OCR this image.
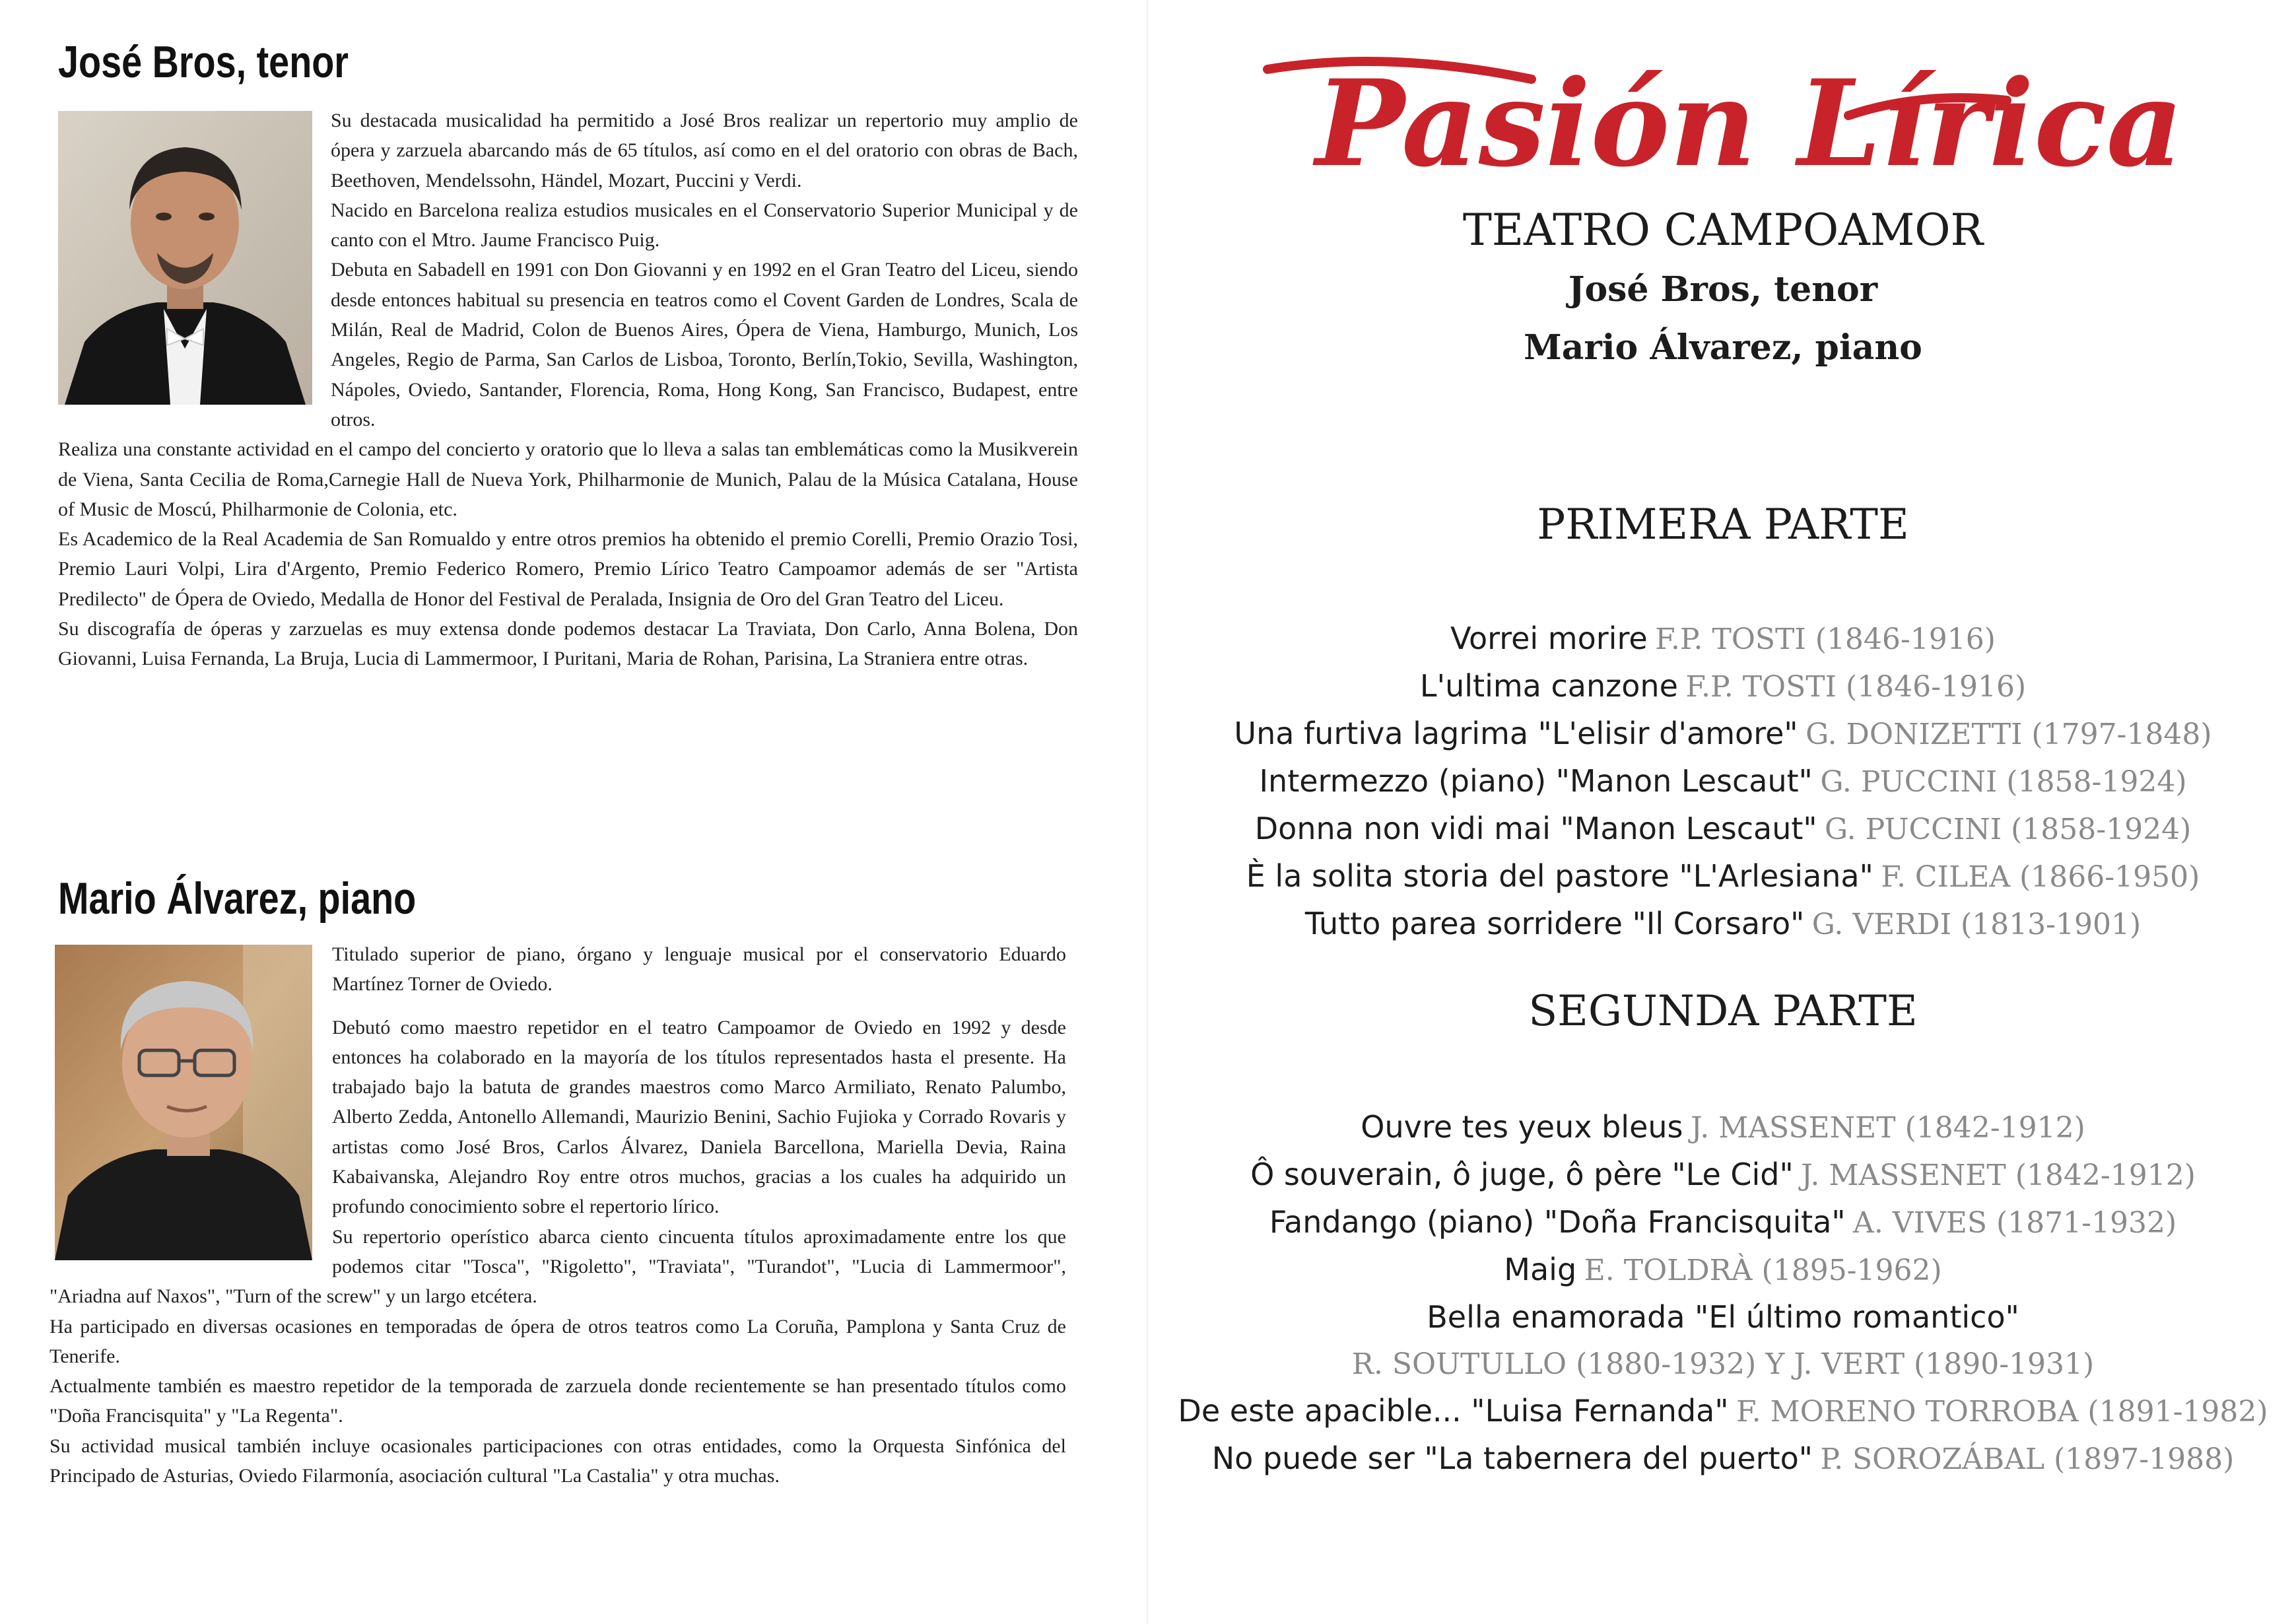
José Bros, tenor

Su destacada musicalidad ha permitido a José Bros realizar un repertorio muy amplio de ópera y zarzuela abarcando más de 65 títulos, así como en el del oratorio con obras de Bach, Beethoven, Mendelssohn, Händel, Mozart, Puccini y Verdi.

Nacido en Barcelona realiza estudios musicales en el Conservatorio Superior Municipal y de canto con el Mtro. Jaume Francisco Puig.

Debuta en Sabadell en 1991 con Don Giovanni y en 1992 en el Gran Teatro del Liceu, siendo desde entonces habitual su presencia en teatros como el Covent Garden de Londres, Scala de Milán, Real de Madrid, Colon de Buenos Aires, Ópera de Viena, Hamburgo, Munich, Los Angeles, Regio de Parma, San Carlos de Lisboa, Toronto, Berlín,Tokio, Sevilla, Washington, Nápoles, Oviedo, Santander, Florencia, Roma, Hong Kong, San Francisco, Budapest, entre otros.

Realiza una constante actividad en el campo del concierto y oratorio que lo lleva a salas tan emblemáticas como la Musikverein de Viena, Santa Cecilia de Roma,Carnegie Hall de Nueva York, Philharmonie de Munich, Palau de la Música Catalana, House of Music de Moscú, Philharmonie de Colonia, etc.

Es Academico de la Real Academia de San Romualdo y entre otros premios ha obtenido el premio Corelli, Premio Orazio Tosi, Premio Lauri Volpi, Lira d'Argento, Premio Federico Romero, Premio Lírico Teatro Campoamor además de ser "Artista Predilecto" de Ópera de Oviedo, Medalla de Honor del Festival de Peralada, Insignia de Oro del Gran Teatro del Liceu.

Su discografía de óperas y zarzuelas es muy extensa donde podemos destacar La Traviata, Don Carlo, Anna Bolena, Don Giovanni, Luisa Fernanda, La Bruja, Lucia di Lammermoor, I Puritani, Maria de Rohan, Parisina, La Straniera entre otras.

Mario Álvarez, piano

Titulado superior de piano, órgano y lenguaje musical por el conservatorio Eduardo Martínez Torner de Oviedo.

Debutó como maestro repetidor en el teatro Campoamor de Oviedo en 1992 y desde entonces ha colaborado en la mayoría de los títulos representados hasta el presente. Ha trabajado bajo la batuta de grandes maestros como Marco Armiliato, Renato Palumbo, Alberto Zedda, Antonello Allemandi, Maurizio Benini, Sachio Fujioka y Corrado Rovaris y artistas como José Bros, Carlos Álvarez, Daniela Barcellona, Mariella Devia, Raina Kabaivanska, Alejandro Roy entre otros muchos, gracias a los cuales ha adquirido un profundo conocimiento sobre el repertorio lírico.

Su repertorio operístico abarca ciento cincuenta títulos aproximadamente entre los que podemos citar "Tosca", "Rigoletto", "Traviata", "Turandot", "Lucia di Lammermoor", "Ariadna auf Naxos", "Turn of the screw" y un largo etcétera.

Ha participado en diversas ocasiones en temporadas de ópera de otros teatros como La Coruña, Pamplona y Santa Cruz de Tenerife.

Actualmente también es maestro repetidor de la temporada de zarzuela donde recientemente se han presentado títulos como "Doña Francisquita" y "La Regenta".

Su actividad musical también incluye ocasionales participaciones con otras entidades, como la Orquesta Sinfónica del Principado de Asturias, Oviedo Filarmonía, asociación cultural "La Castalia" y otra muchas.

Pasión Lírica
TEATRO CAMPOAMOR
José Bros, tenor
Mario Álvarez, piano
PRIMERA PARTE
Vorrei morire F.P. TOSTI (1846-1916)
L'ultima canzone F.P. TOSTI (1846-1916)
Una furtiva lagrima "L'elisir d'amore" G. DONIZETTI (1797-1848)
Intermezzo (piano) "Manon Lescaut" G. PUCCINI (1858-1924)
Donna non vidi mai "Manon Lescaut" G. PUCCINI (1858-1924)
È la solita storia del pastore "L'Arlesiana" F. CILEA (1866-1950)
Tutto parea sorridere "Il Corsaro" G. VERDI (1813-1901)
SEGUNDA PARTE
Ouvre tes yeux bleus J. MASSENET (1842-1912)
Ô souverain, ô juge, ô père "Le Cid" J. MASSENET (1842-1912)
Fandango (piano) "Doña Francisquita" A. VIVES (1871-1932)
Maig E. TOLDRÀ (1895-1962)
Bella enamorada "El último romantico"
R. SOUTULLO (1880-1932) Y J. VERT (1890-1931)
De este apacible... "Luisa Fernanda" F. MORENO TORROBA (1891-1982)
No puede ser "La tabernera del puerto" P. SOROZÁBAL (1897-1988)
